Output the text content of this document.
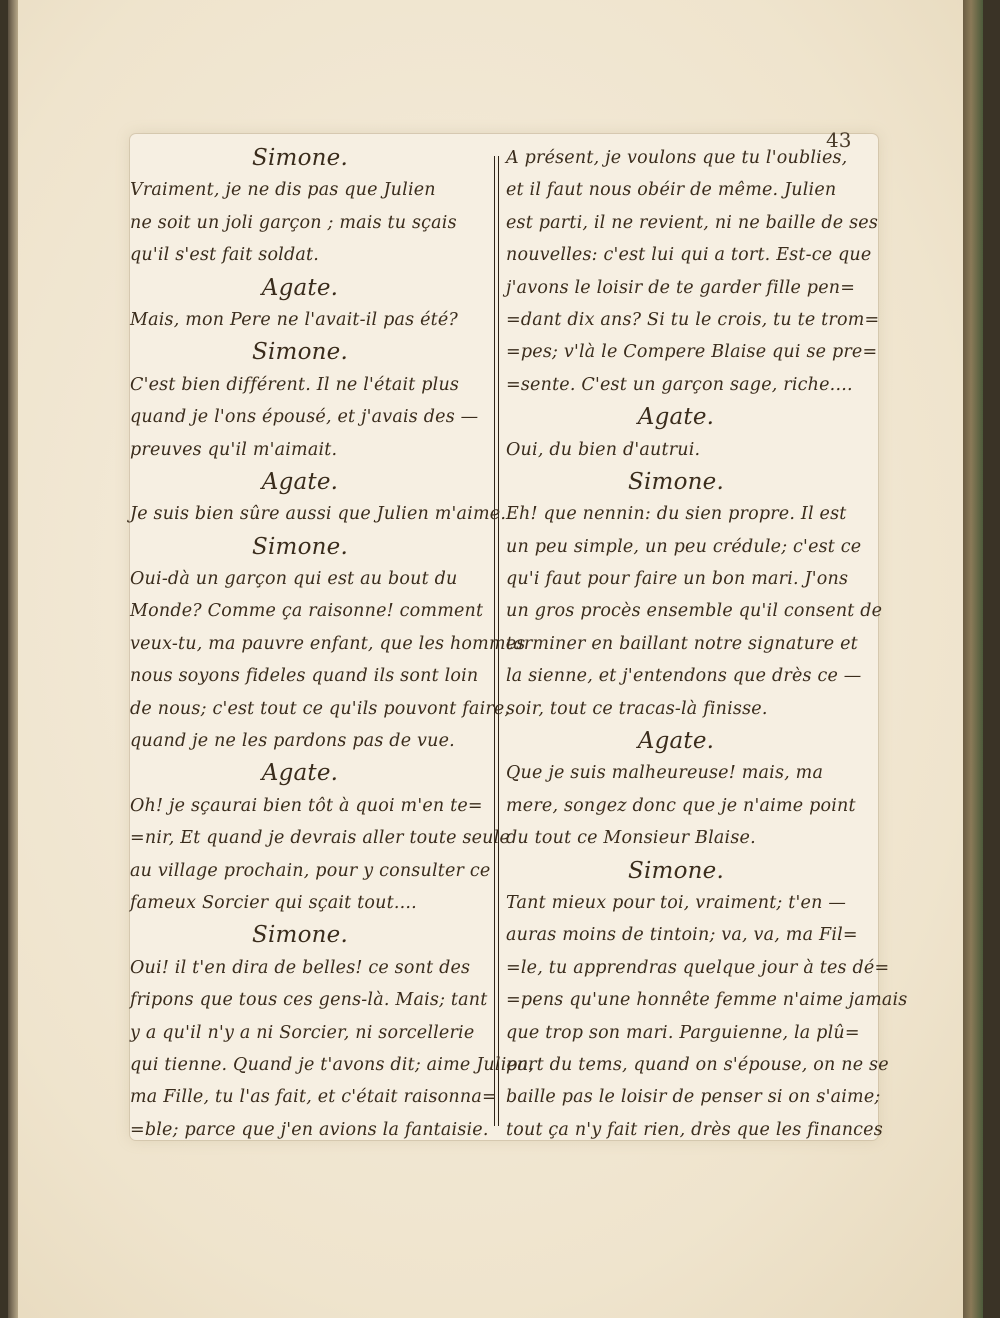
43
Simone.
Vraiment, je ne dis pas que Julien
ne soit un joli garçon ; mais tu sçais
qu'il s'est fait soldat.
Agate.
Mais, mon Pere ne l'avait-il pas été?
Simone.
C'est bien différent. Il ne l'était plus
quand je l'ons épousé, et j'avais des —
preuves qu'il m'aimait.
Agate.
Je suis bien sûre aussi que Julien m'aime.
Simone.
Oui-dà un garçon qui est au bout du
Monde? Comme ça raisonne! comment
veux-tu, ma pauvre enfant, que les hommes
nous soyons fideles quand ils sont loin
de nous; c'est tout ce qu'ils pouvont faire,
quand je ne les pardons pas de vue.
Agate.
Oh! je sçaurai bien tôt à quoi m'en te=
=nir, Et quand je devrais aller toute seule
au village prochain, pour y consulter ce
fameux Sorcier qui sçait tout....
Simone.
Oui! il t'en dira de belles! ce sont des
fripons que tous ces gens-là. Mais; tant
y a qu'il n'y a ni Sorcier, ni sorcellerie
qui tienne. Quand je t'avons dit; aime Julien,
ma Fille, tu l'as fait, et c'était raisonna=
=ble; parce que j'en avions la fantaisie.
A présent, je voulons que tu l'oublies,
et il faut nous obéir de même. Julien
est parti, il ne revient, ni ne baille de ses
nouvelles: c'est lui qui a tort. Est-ce que
j'avons le loisir de te garder fille pen=
=dant dix ans? Si tu le crois, tu te trom=
=pes; v'là le Compere Blaise qui se pre=
=sente. C'est un garçon sage, riche....
Agate.
Oui, du bien d'autrui.
Simone.
Eh! que nennin: du sien propre. Il est
un peu simple, un peu crédule; c'est ce
qu'i faut pour faire un bon mari. J'ons
un gros procès ensemble qu'il consent de
tarminer en baillant notre signature et
la sienne, et j'entendons que drès ce —
soir, tout ce tracas-là finisse.
Agate.
Que je suis malheureuse! mais, ma
mere, songez donc que je n'aime point
du tout ce Monsieur Blaise.
Simone.
Tant mieux pour toi, vraiment; t'en —
auras moins de tintoin; va, va, ma Fil=
=le, tu apprendras quelque jour à tes dé=
=pens qu'une honnête femme n'aime jamais
que trop son mari. Parguienne, la plû=
part du tems, quand on s'épouse, on ne se
baille pas le loisir de penser si on s'aime;
tout ça n'y fait rien, drès que les finances
